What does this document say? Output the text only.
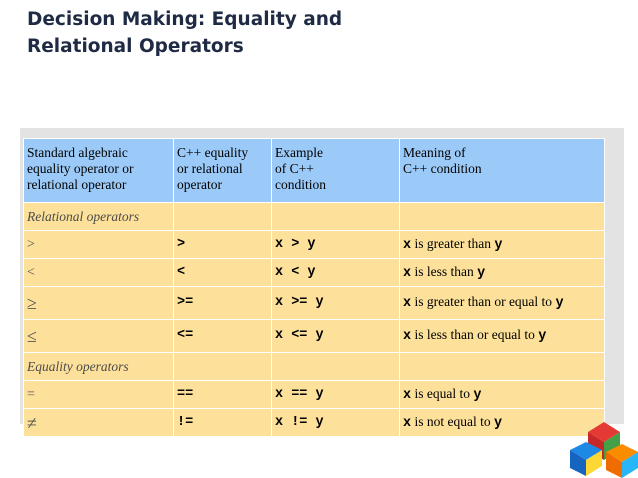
Decision Making: Equality and
Relational Operators
Standard algebraic
equality operator or
relational operator	C++ equality
or relational
operator	Example
of C++
condition	Meaning of
C++ condition

Relational operators			
>	>	x > y	x is greater than y
<	<	x < y	x is less than y
≥	>=	x >= y	x is greater than or equal to y
≤	<=	x <= y	x is less than or equal to y
Equality operators			
=	==	x == y	x is equal to y
≠	!=	x != y	x is not equal to y
